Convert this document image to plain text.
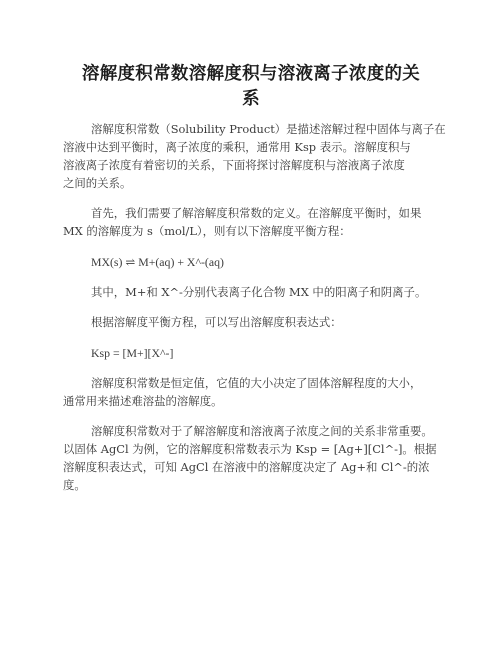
溶解度积常数溶解度积与溶液离子浓度的关
系
溶解度积常数（Solubility Product）是描述溶解过程中固体与离子在
溶液中达到平衡时，离子浓度的乘积，通常用 Ksp 表示。溶解度积与
溶液离子浓度有着密切的关系，下面将探讨溶解度积与溶液离子浓度
之间的关系。
首先，我们需要了解溶解度积常数的定义。在溶解度平衡时，如果
MX 的溶解度为 s（mol/L），则有以下溶解度平衡方程：
MX(s) ⇌ M+(aq) + X^-(aq)
其中，M+和 X^-分别代表离子化合物 MX 中的阳离子和阴离子。
根据溶解度平衡方程，可以写出溶解度积表达式：
Ksp = [M+][X^-]
溶解度积常数是恒定值，它值的大小决定了固体溶解程度的大小，
通常用来描述难溶盐的溶解度。
溶解度积常数对于了解溶解度和溶液离子浓度之间的关系非常重要。
以固体 AgCl 为例，它的溶解度积常数表示为 Ksp = [Ag+][Cl^-]。根据
溶解度积表达式，可知 AgCl 在溶液中的溶解度决定了 Ag+和 Cl^-的浓
度。
